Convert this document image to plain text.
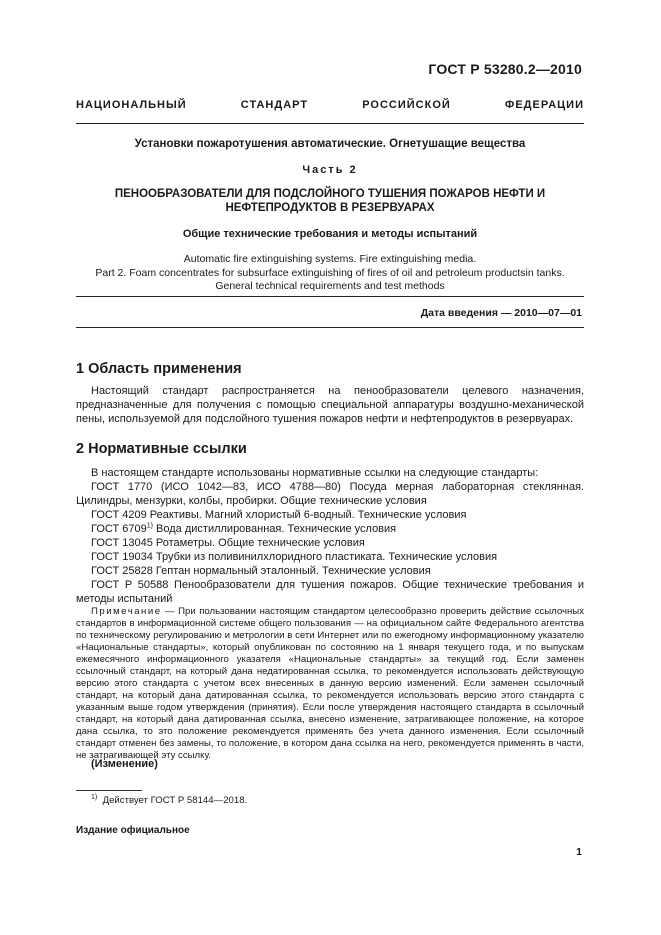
ГОСТ Р 53280.2—2010
НАЦИОНАЛЬНЫЙ СТАНДАРТ РОССИЙСКОЙ ФЕДЕРАЦИИ
Установки пожаротушения автоматические. Огнетушащие вещества
Часть 2
ПЕНООБРАЗОВАТЕЛИ ДЛЯ ПОДСЛОЙНОГО ТУШЕНИЯ ПОЖАРОВ НЕФТИ И НЕФТЕПРОДУКТОВ В РЕЗЕРВУАРАХ
Общие технические требования и методы испытаний
Automatic fire extinguishing systems. Fire extinguishing media.
Part 2. Foam concentrates for subsurface extinguishing of fires of oil and petroleum productsin tanks.
General technical requirements and test methods
Дата введения — 2010—07—01
1 Область применения

Настоящий стандарт распространяется на пенообразователи целевого назначения, предназначенные для получения с помощью специальной аппаратуры воздушно-механической пены, используемой для подслойного тушения пожаров нефти и нефтепродуктов в резервуарах.

2 Нормативные ссылки
В настоящем стандарте использованы нормативные ссылки на следующие стандарты:
ГОСТ 1770 (ИСО 1042—83, ИСО 4788—80) Посуда мерная лабораторная стеклянная. Цилиндры, мензурки, колбы, пробирки. Общие технические условия
ГОСТ 4209 Реактивы. Магний хлористый 6-водный. Технические условия
ГОСТ 6709$^{1)}$ Вода дистиллированная. Технические условия
ГОСТ 13045 Ротаметры. Общие технические условия
ГОСТ 19034 Трубки из поливинилхлоридного пластиката. Технические условия
ГОСТ 25828 Гептан нормальный эталонный. Технические условия
ГОСТ Р 50588 Пенообразователи для тушения пожаров. Общие технические требования и методы испытаний
Примечание — При пользовании настоящим стандартом целесообразно проверить действие ссылочных стандартов в информационной системе общего пользования — на официальном сайте Федерального агентства по техническому регулированию и метрологии в сети Интернет или по ежегодному информационному указателю «Национальные стандарты», который опубликован по состоянию на 1 января текущего года, и по выпускам ежемесячного информационного указателя «Национальные стандарты» за текущий год. Если заменен ссылочный стандарт, на который дана недатированная ссылка, то рекомендуется использовать действующую версию этого стандарта с учетом всех внесенных в данную версию изменений. Если заменен ссылочный стандарт, на который дана датированная ссылка, то рекомендуется использовать версию этого стандарта с указанным выше годом утверждения (принятия). Если после утверждения настоящего стандарта в ссылочный стандарт, на который дана датированная ссылка, внесено изменение, затрагивающее положение, на которое дана ссылка, то это положение рекомендуется применять без учета данного изменения. Если ссылочный стандарт отменен без замены, то положение, в котором дана ссылка на него, рекомендуется применять в части, не затрагивающей эту ссылку.
(Изменение)
$^{1)}$ Действует ГОСТ Р 58144—2018.
Издание официальное
1
